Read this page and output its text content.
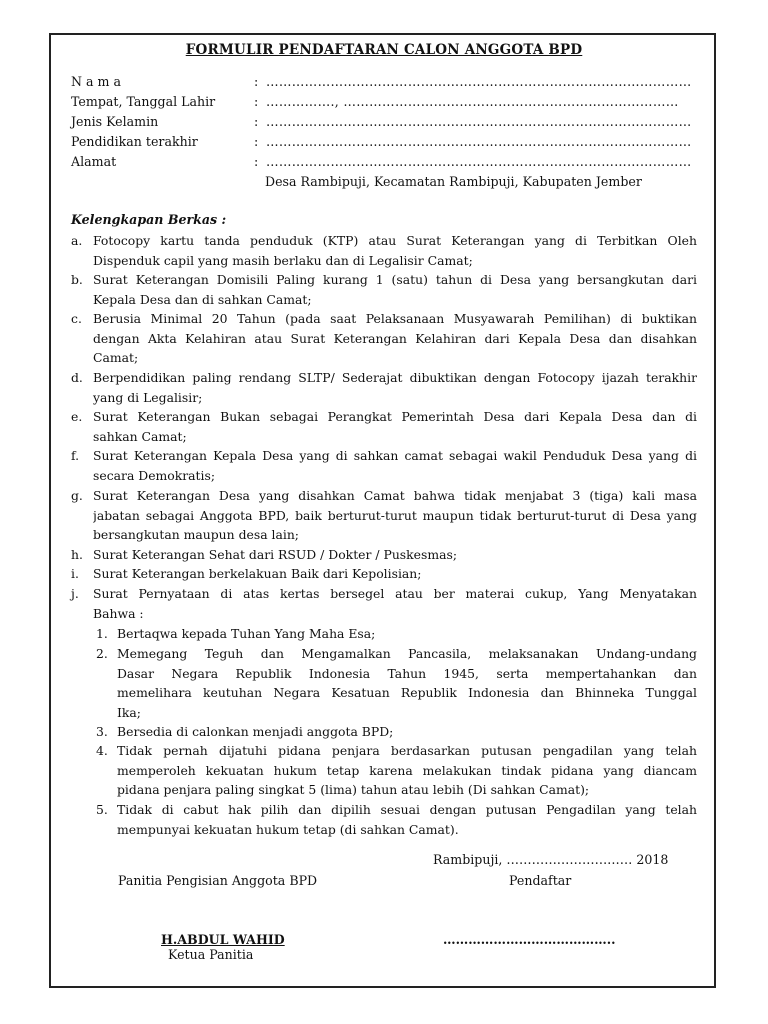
FORMULIR PENDAFTARAN CALON ANGGOTA BPD
N a m a	: ………………………………………………………………………………………
Tempat, Tanggal Lahir	: ……………., ……………………………………………………………………
Jenis Kelamin	: ………………………………………………………………………………………
Pendidikan terakhir	: ………………………………………………………………………………………
Alamat	: ………………………………………………………………………………………
Desa Rambipuji, Kecamatan Rambipuji, Kabupaten Jember
Kelengkapan Berkas :
a. Fotocopy kartu tanda penduduk (KTP) atau Surat Keterangan yang di Terbitkan Oleh
Dispenduk capil yang masih berlaku dan di Legalisir Camat;
b. Surat Keterangan Domisili Paling kurang 1 (satu) tahun di Desa yang bersangkutan dari
Kepala Desa dan di sahkan Camat;
c. Berusia Minimal 20 Tahun (pada saat Pelaksanaan Musyawarah Pemilihan) di buktikan
dengan Akta Kelahiran atau Surat Keterangan Kelahiran dari Kepala Desa dan disahkan
Camat;
d. Berpendidikan paling rendang SLTP/ Sederajat dibuktikan dengan Fotocopy ijazah terakhir
yang di Legalisir;
e. Surat Keterangan Bukan sebagai Perangkat Pemerintah Desa dari Kepala Desa dan di
sahkan Camat;
f. Surat Keterangan Kepala Desa yang di sahkan camat sebagai wakil Penduduk Desa yang di
secara Demokratis;
g. Surat Keterangan Desa yang disahkan Camat bahwa tidak menjabat 3 (tiga) kali masa
jabatan sebagai Anggota BPD, baik berturut-turut maupun tidak berturut-turut di Desa yang
bersangkutan maupun desa lain;
h. Surat Keterangan Sehat dari RSUD / Dokter / Puskesmas;
i. Surat Keterangan berkelakuan Baik dari Kepolisian;
j. Surat Pernyataan di atas kertas bersegel atau ber materai cukup, Yang Menyatakan
Bahwa :
1. Bertaqwa kepada Tuhan Yang Maha Esa;
2. Memegang Teguh dan Mengamalkan Pancasila, melaksanakan Undang-undang
Dasar Negara Republik Indonesia Tahun 1945, serta mempertahankan dan
memelihara keutuhan Negara Kesatuan Republik Indonesia dan Bhinneka Tunggal
Ika;
3. Bersedia di calonkan menjadi anggota BPD;
4. Tidak pernah dijatuhi pidana penjara berdasarkan putusan pengadilan yang telah
memperoleh kekuatan hukum tetap karena melakukan tindak pidana yang diancam
pidana penjara paling singkat 5 (lima) tahun atau lebih (Di sahkan Camat);
5. Tidak di cabut hak pilih dan dipilih sesuai dengan putusan Pengadilan yang telah
mempunyai kekuatan hukum tetap (di sahkan Camat).
Rambipuji, ………………………… 2018
Panitia Pengisian Anggota BPD	Pendaftar
H.ABDUL WAHID
Ketua Panitia
…………………………………..
